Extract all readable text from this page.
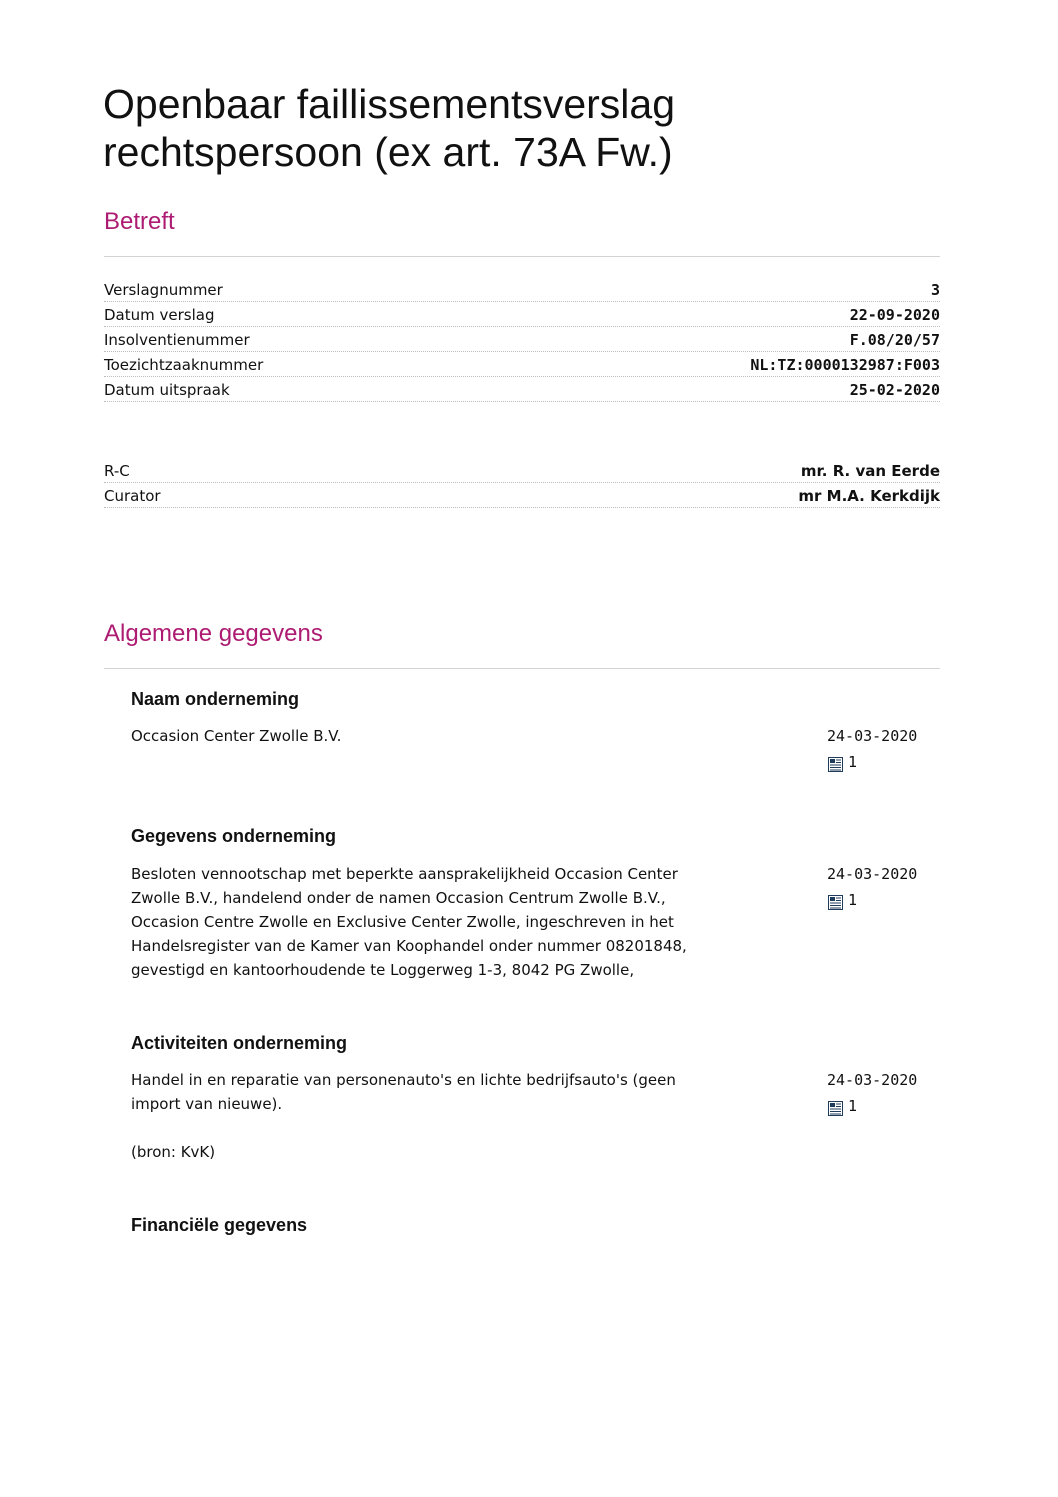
Openbaar faillissementsverslag
rechtspersoon (ex art. 73A Fw.)
Betreft
Verslagnummer	3
Datum verslag	22-09-2020
Insolventienummer	F.08/20/57
Toezichtzaaknummer	NL:TZ:0000132987:F003
Datum uitspraak	25-02-2020
R-C	mr. R. van Eerde
Curator	mr M.A. Kerkdijk
Algemene gegevens
Naam onderneming

Occasion Center Zwolle B.V.	24-03-2020
1
Gegevens onderneming

Besloten vennootschap met beperkte aansprakelijkheid Occasion Center
Zwolle B.V., handelend onder de namen Occasion Centrum Zwolle B.V.,
Occasion Centre Zwolle en Exclusive Center Zwolle, ingeschreven in het
Handelsregister van de Kamer van Koophandel onder nummer 08201848,
gevestigd en kantoorhoudende te Loggerweg 1-3, 8042 PG Zwolle,

24-03-2020
1
Activiteiten onderneming

Handel in en reparatie van personenauto's en lichte bedrijfsauto's (geen
import van nieuwe).

(bron: KvK)

24-03-2020
1
Financiële gegevens
